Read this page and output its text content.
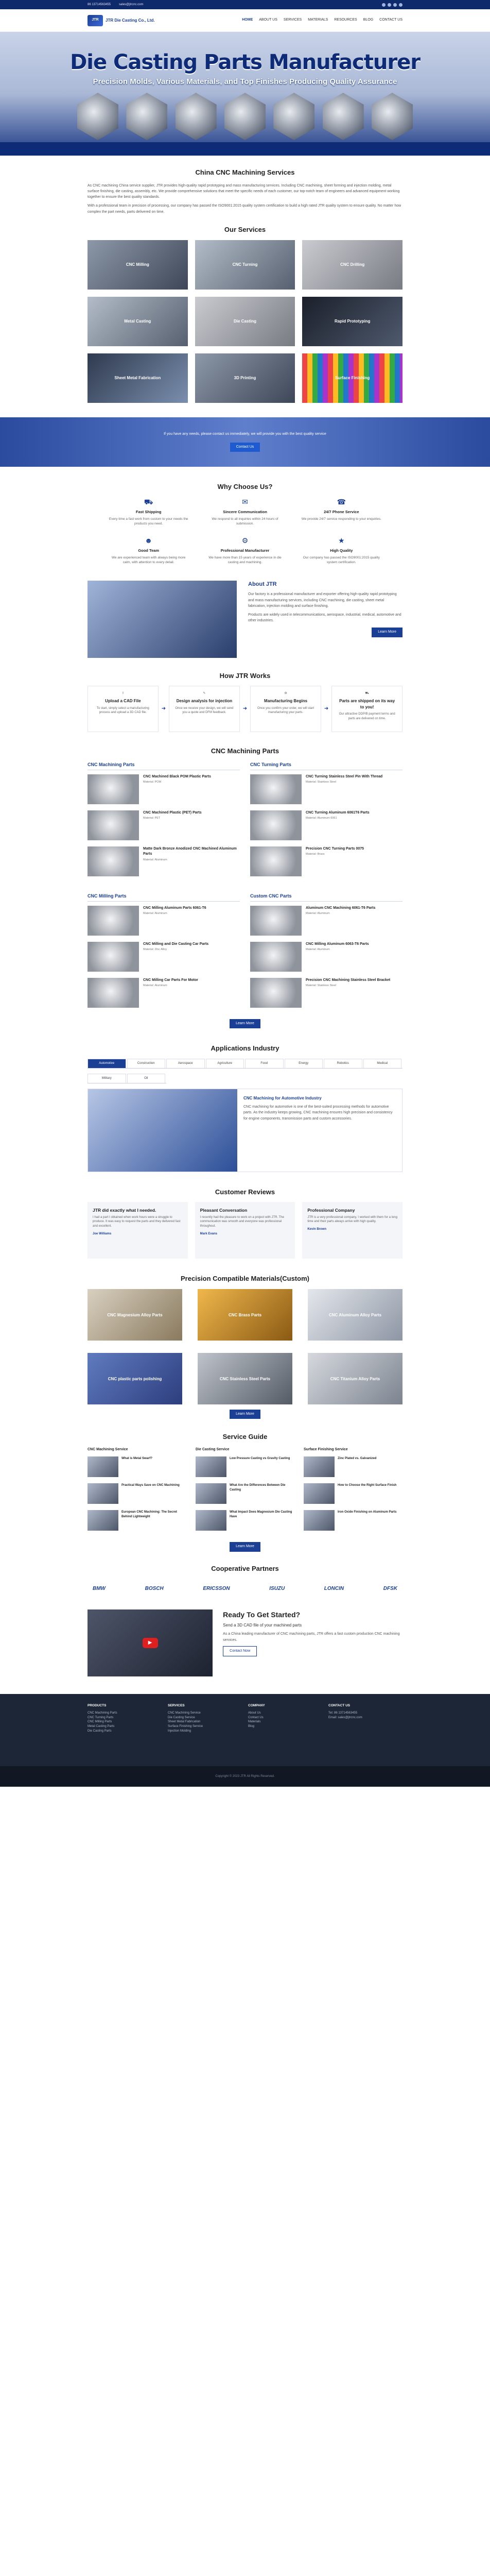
86 13714563455	sales@jtrcnc.com
JTR	JTR Die Casting Co., Ltd.	HOME ABOUT US SERVICES MATERIALS RESOURCES BLOG CONTACT US
Die Casting Parts Manufacturer
Precision Molds, Various Materials, and Top Finishes Producing Quality Assurance
China CNC Machining Services

As CNC machining China service supplier, JTR provides high-quality rapid prototyping and mass manufacturing services. Including CNC machining, sheet forming and injection molding, metal surface finishing, die casting, assembly, etc. We provide comprehensive solutions that meet the specific needs of each customer, our top-notch team of engineers and advanced equipment working together to ensure the best quality standards.

With a professional team in precision of processing, our company has passed the ISO9001:2015 quality system certification to build a high rated JTR quality system to ensure quality. No matter how complex the part needs, parts delivered on time.

Our Services
CNC Milling	CNC Turning	CNC Drilling
Metal Casting	Die Casting	Rapid Prototyping
Sheet Metal Fabrication	3D Printing	Surface Finishing
If you have any needs, please contact us immediately, we will provide you with the best quality service
Contact Us
Why Choose Us?
⛟
Fast Shipping
Every time a fast work from custom to your needs the products you need.
✉
Sincere Communication
We respond to all inquiries within 24 hours of submission.
☎
24/7 Phone Service
We provide 24/7 service responding to your enquiries.
☻
Good Team
We are experienced team with always being more calm, with attention to every detail.
⚙
Professional Manufacturer
We have more than 15 years of experience in die casting and machining.
★
High Quality
Our company has passed the ISO9001:2015 quality system certification.
About JTR

Our factory is a professional manufacturer and exporter offering high-quality rapid prototyping and mass manufacturing services, including CNC machining, die casting, sheet metal fabrication, injection molding and surface finishing.

Products are widely used in telecommunications, aerospace, industrial, medical, automotive and other industries.

Learn More
How JTR Works
⇧
Upload a CAD File
To start, simply select a manufacturing process and upload a 3D CAD file.
➜
✎
Design analysis for injection
Once we receive your design, we will send you a quote and DFM feedback.
➜
⚙
Manufacturing Begins
Once you confirm your order, we will start manufacturing your parts.
➜
⛟
Parts are shipped on its way to you!
Our attractive DDP/B payment terms and parts are delivered on time.
CNC Machining Parts
CNC Machining Parts
CNC Machined Black POM Plastic Parts
Material: POM
CNC Machined Plastic (PET) Parts
Material: PET
Matte Dark Bronze Anodized CNC Machined Aluminum Parts
Material: Aluminum
CNC Turning Parts
CNC Turning Stainless Steel Pin With Thread
Material: Stainless Steel
CNC Turning Aluminum 6061T6 Parts
Material: Aluminum 6061
Precision CNC Turning Parts 0075
Material: Brass
CNC Milling Parts
CNC Milling Aluminum Parts 6061-T6
Material: Aluminum
CNC Milling and Die Casting Car Parts
Material: Zinc Alloy
CNC Milling Car Parts For Motor
Material: Aluminum
Custom CNC Parts
Aluminum CNC Machining 6061-T6 Parts
Material: Aluminum
CNC Milling Aluminum 6063-T6 Parts
Material: Aluminum
Precision CNC Machining Stainless Steel Bracket
Material: Stainless Steel
Learn More
Applications Industry
Automotive	Construction	Aerospace	Agriculture	Food	Energy	Robotics	Medical
Military	Oil
CNC Machining for Automotive Industry

CNC machining for automotive is one of the best-suited processing methods for automotive parts. As the industry keeps growing, CNC machining ensures high precision and consistency for engine components, transmission parts and custom accessories.

Customer Reviews
JTR did exactly what I needed.
I had a part I obtained when work hours were a struggle to produce. It was easy to request the parts and they delivered fast and excellent.
Joe Williams
Pleasant Conversation
I recently had the pleasure to work on a project with JTR. The communication was smooth and everyone was professional throughout.
Mark Evans
Professional Company
JTR is a very professional company, I worked with them for a long time and their parts always arrive with high quality.
Kevin Brown
Precision Compatible Materials(Custom)
CNC Magnesium Alloy Parts	CNC Brass Parts	CNC Aluminum Alloy Parts
CNC plastic parts polishing	CNC Stainless Steel Parts	CNC Titanium Alloy Parts
Learn More
Service Guide
CNC Machining Service
What is Metal Swarf?
Practical Ways Save on CNC Machining
European CNC Machining: The Secret Behind Lightweight
Die Casting Service
Low Pressure Casting vs Gravity Casting
What Are the Differences Between Die Casting
What Impact Does Magnesium Die Casting Have
Surface Finishing Service
Zinc Plated vs. Galvanized
How to Choose the Right Surface Finish
Iron Oxide Finishing on Aluminum Parts
Learn More
Cooperative Partners
BMW	BOSCH	ERICSSON	ISUZU	LONCIN	DFSK
▶
Ready To Get Started?
Send a 3D CAD file of your machined parts

As a China leading manufacturer of CNC machining parts, JTR offers a fast custom production CNC machining services.

Contact Now
PRODUCTS
CNC Machining Parts
CNC Turning Parts
CNC Milling Parts
Metal Casting Parts
Die Casting Parts
SERVICES
CNC Machining Service
Die Casting Service
Sheet Metal Fabrication
Surface Finishing Service
Injection Molding
COMPANY
About Us
Contact Us
Materials
Blog
CONTACT US
Tel: 86 13714563455
Email: sales@jtrcnc.com
Copyright © 2023 JTR All Rights Reserved.
